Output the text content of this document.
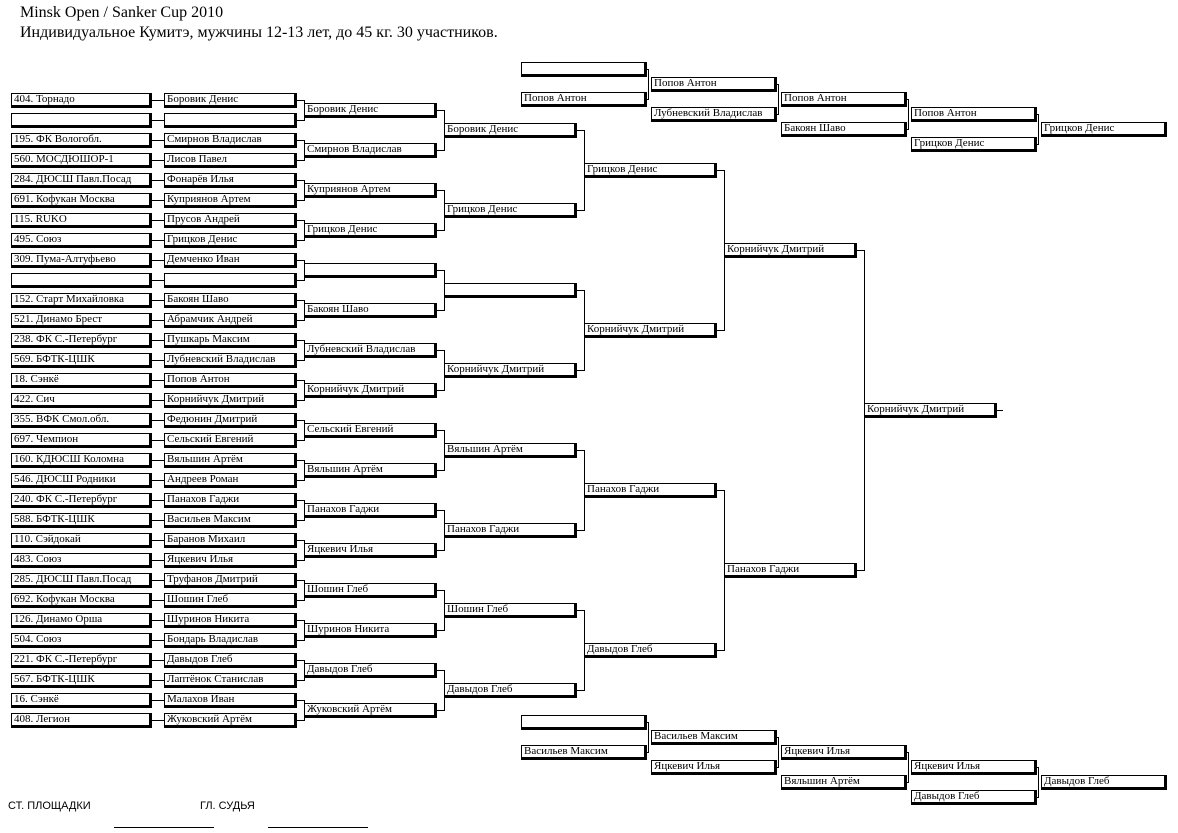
Minsk Open / Sanker Cup 2010
Индивидуальное Кумитэ, мужчины 12-13 лет, до 45 кг. 30 участников.
404. Торнадо	Боровик Денис
195. ФК Вологобл.	Смирнов Владислав
560. МОСДЮШОР-1	Лисов Павел
284. ДЮСШ Павл.Посад	Фонарёв Илья
691. Кофукан Москва	Куприянов Артем
115. RUKO	Прусов Андрей
495. Союз	Грицков Денис
309. Пума-Алтуфьево	Демченко Иван
152. Старт Михайловка	Бакоян Шаво
521. Динамо Брест	Абрамчик Андрей
238. ФК С.-Петербург	Пушкарь Максим
569. БФТК-ЦШК	Лубневский Владислав
18. Сэнкё	Попов Антон
422. Сич	Корнийчук Дмитрий
355. ВФК Смол.обл.	Федюнин Дмитрий
697. Чемпион	Сельский Евгений
160. КДЮСШ Коломна	Вяльшин Артём
546. ДЮСШ Родники	Андреев Роман
240. ФК С.-Петербург	Панахов Гаджи
588. БФТК-ЦШК	Васильев Максим
110. Сэйдокай	Баранов Михаил
483. Союз	Яцкевич Илья
285. ДЮСШ Павл.Посад	Труфанов Дмитрий
692. Кофукан Москва	Шошин Глеб
126. Динамо Орша	Шуринов Никита
504. Союз	Бондарь Владислав
221. ФК С.-Петербург	Давыдов Глеб
567. БФТК-ЦШК	Лаптёнок Станислав
16. Сэнкё	Малахов Иван
408. Легион	Жуковский Артём
Боровик Денис
Смирнов Владислав
Куприянов Артем
Грицков Денис
Бакоян Шаво
Лубневский Владислав
Корнийчук Дмитрий
Сельский Евгений
Вяльшин Артём
Панахов Гаджи
Яцкевич Илья
Шошин Глеб
Шуринов Никита
Давыдов Глеб
Жуковский Артём
Боровик Денис
Грицков Денис
Корнийчук Дмитрий
Вяльшин Артём
Панахов Гаджи
Шошин Глеб
Давыдов Глеб
Грицков Денис
Корнийчук Дмитрий
Панахов Гаджи
Давыдов Глеб
Корнийчук Дмитрий
Панахов Гаджи
Корнийчук Дмитрий
Попов Антон
Попов Антон
Лубневский Владислав
Попов Антон
Бакоян Шаво
Попов Антон
Грицков Денис
Грицков Денис
Васильев Максим
Васильев Максим
Яцкевич Илья
Яцкевич Илья
Вяльшин Артём
Яцкевич Илья
Давыдов Глеб
Давыдов Глеб
СТ. ПЛОЩАДКИ	ГЛ. СУДЬЯ
